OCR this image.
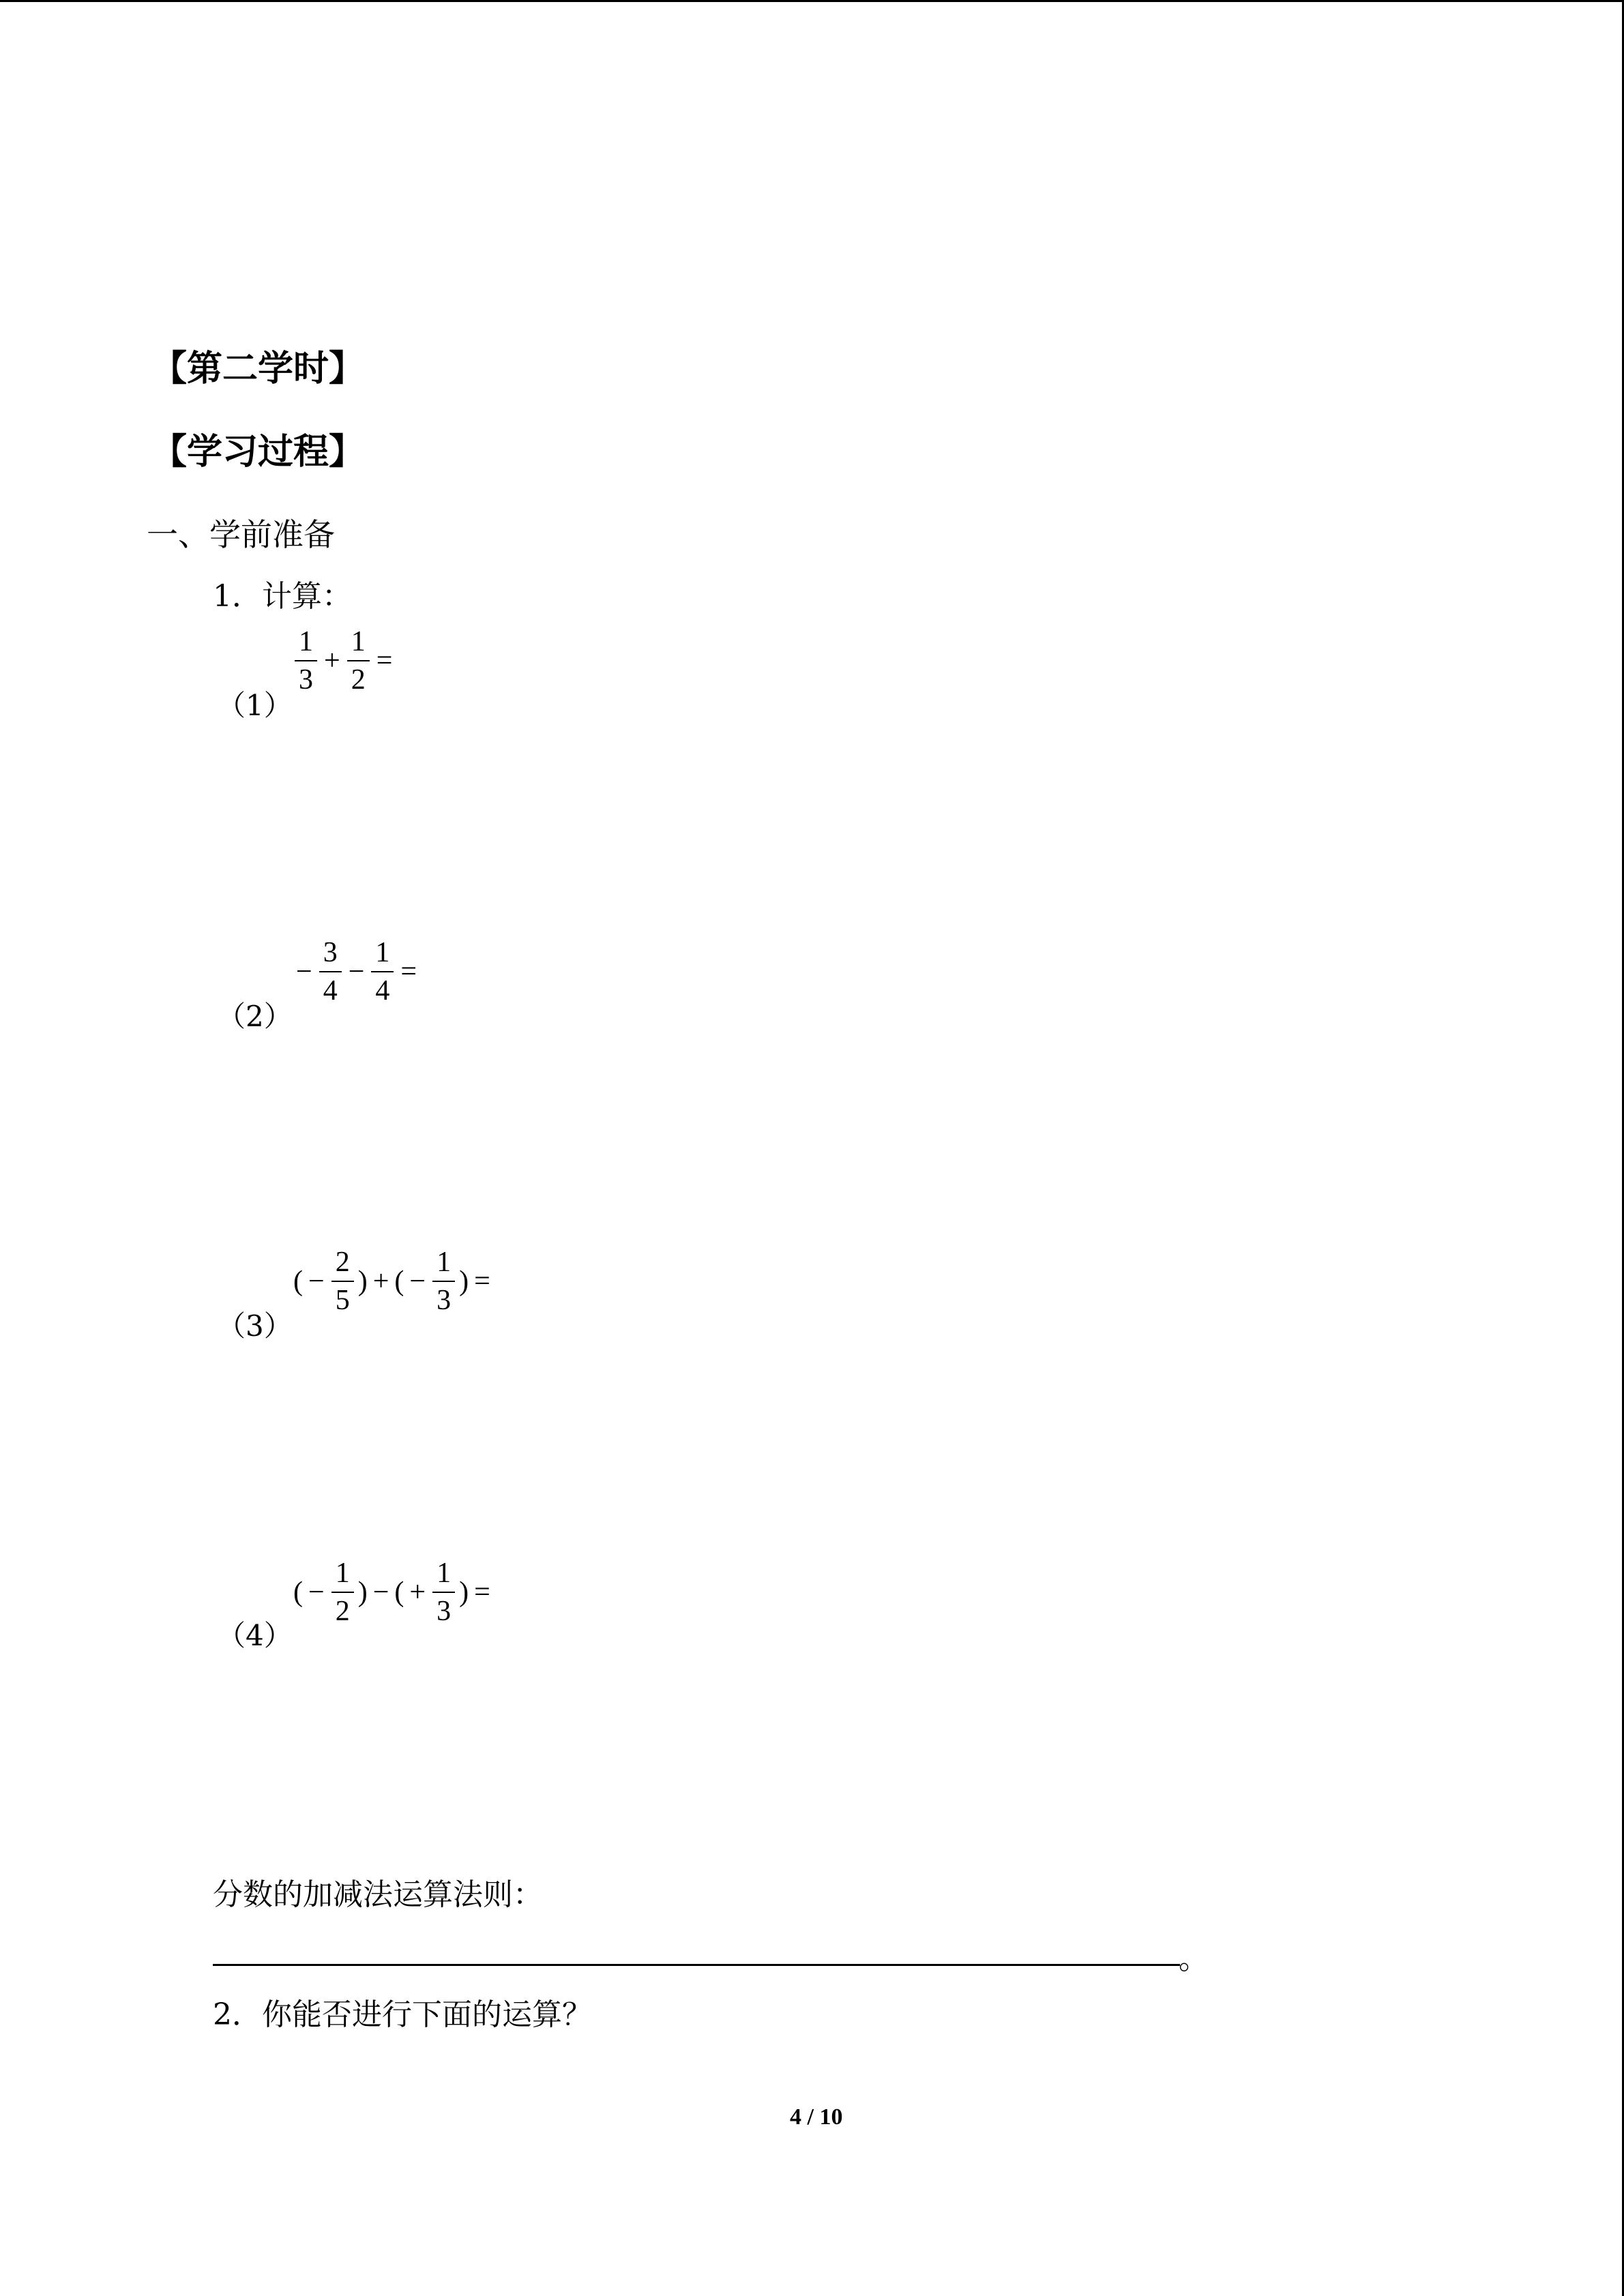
【第二学时】
【学习过程】
一、学前准备
1．计算：
（1）
$\frac{1}{3} + \frac{1}{2}$ =
（2）
− $\frac{3}{4} - \frac{1}{4}$ =
（3）
( − $\frac{2}{5}$ ) + ( − $\frac{1}{3}$ ) =
（4）
( − $\frac{1}{2}$ ) − ( + $\frac{1}{3}$ ) =
分数的加减法运算法则：
。
2．你能否进行下面的运算？
4 / 10
